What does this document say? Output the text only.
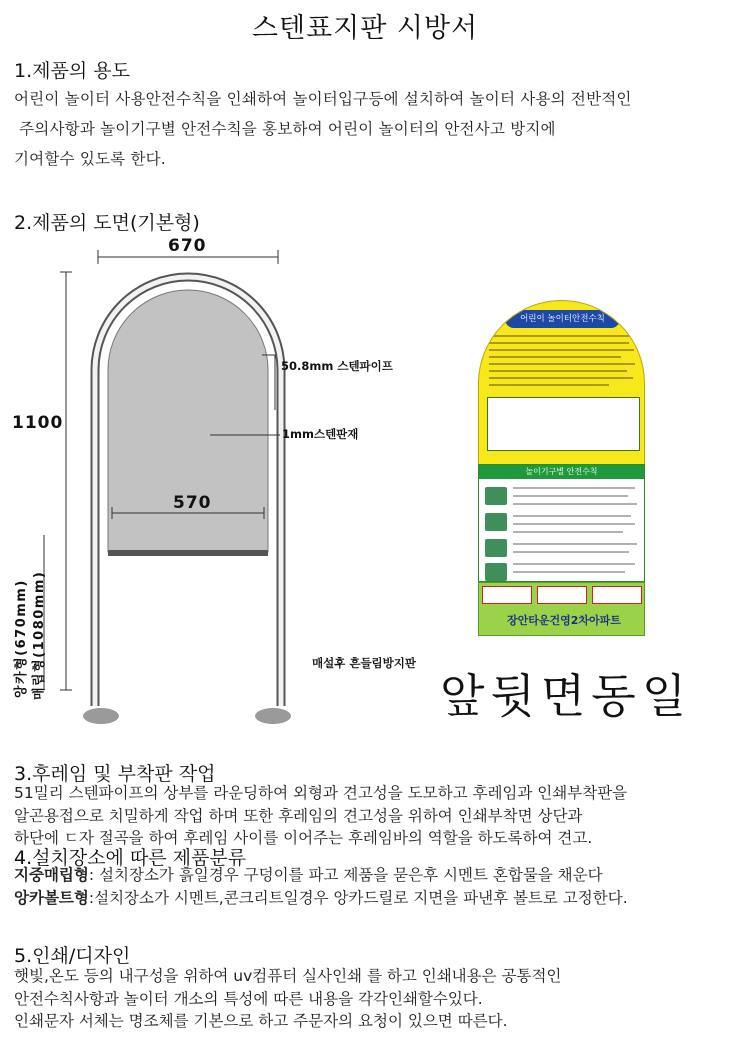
스텐표지판 시방서
1.제품의 용도
어린이 놀이터 사용안전수칙을 인쇄하여 놀이터입구등에 설치하여 놀이터 사용의 전반적인
주의사항과 놀이기구별 안전수칙을 홍보하여 어린이 놀이터의 안전사고 방지에
기여할수 있도록 한다.
2.제품의 도면(기본형)
670
1100
570
50.8mm 스텐파이프
1mm스텐판재
매설후 흔들림방지판
앙카형(670mm) 매립형(1080mm)
어린이 놀이터안전수칙
놀이기구별 안전수칙
장안타운건영2차아파트
앞뒷면동일
3.후레임 및 부착판 작업
51밀리 스텐파이프의 상부를 라운딩하여 외형과 견고성을 도모하고 후레임과 인쇄부착판을
알곤용접으로 치밀하게 작업 하며 또한 후레임의 견고성을 위하여 인쇄부착면 상단과
하단에 ㄷ자 절곡을 하여 후레임 사이를 이어주는 후레임바의 역할을 하도록하여 견고.
4.설치장소에 따른 제품분류
지중매립형: 설치장소가 흙일경우 구덩이를 파고 제품을 묻은후 시멘트 혼합물을 채운다
앙카볼트형:설치장소가 시멘트,콘크리트일경우 앙카드릴로 지면을 파낸후 볼트로 고정한다.
5.인쇄/디자인
햇빛,온도 등의 내구성을 위하여 uv컴퓨터 실사인쇄 를 하고 인쇄내용은 공통적인
안전수칙사항과 놀이터 개소의 특성에 따른 내용을 각각인쇄할수있다.
인쇄문자 서체는 명조체를 기본으로 하고 주문자의 요청이 있으면 따른다.
